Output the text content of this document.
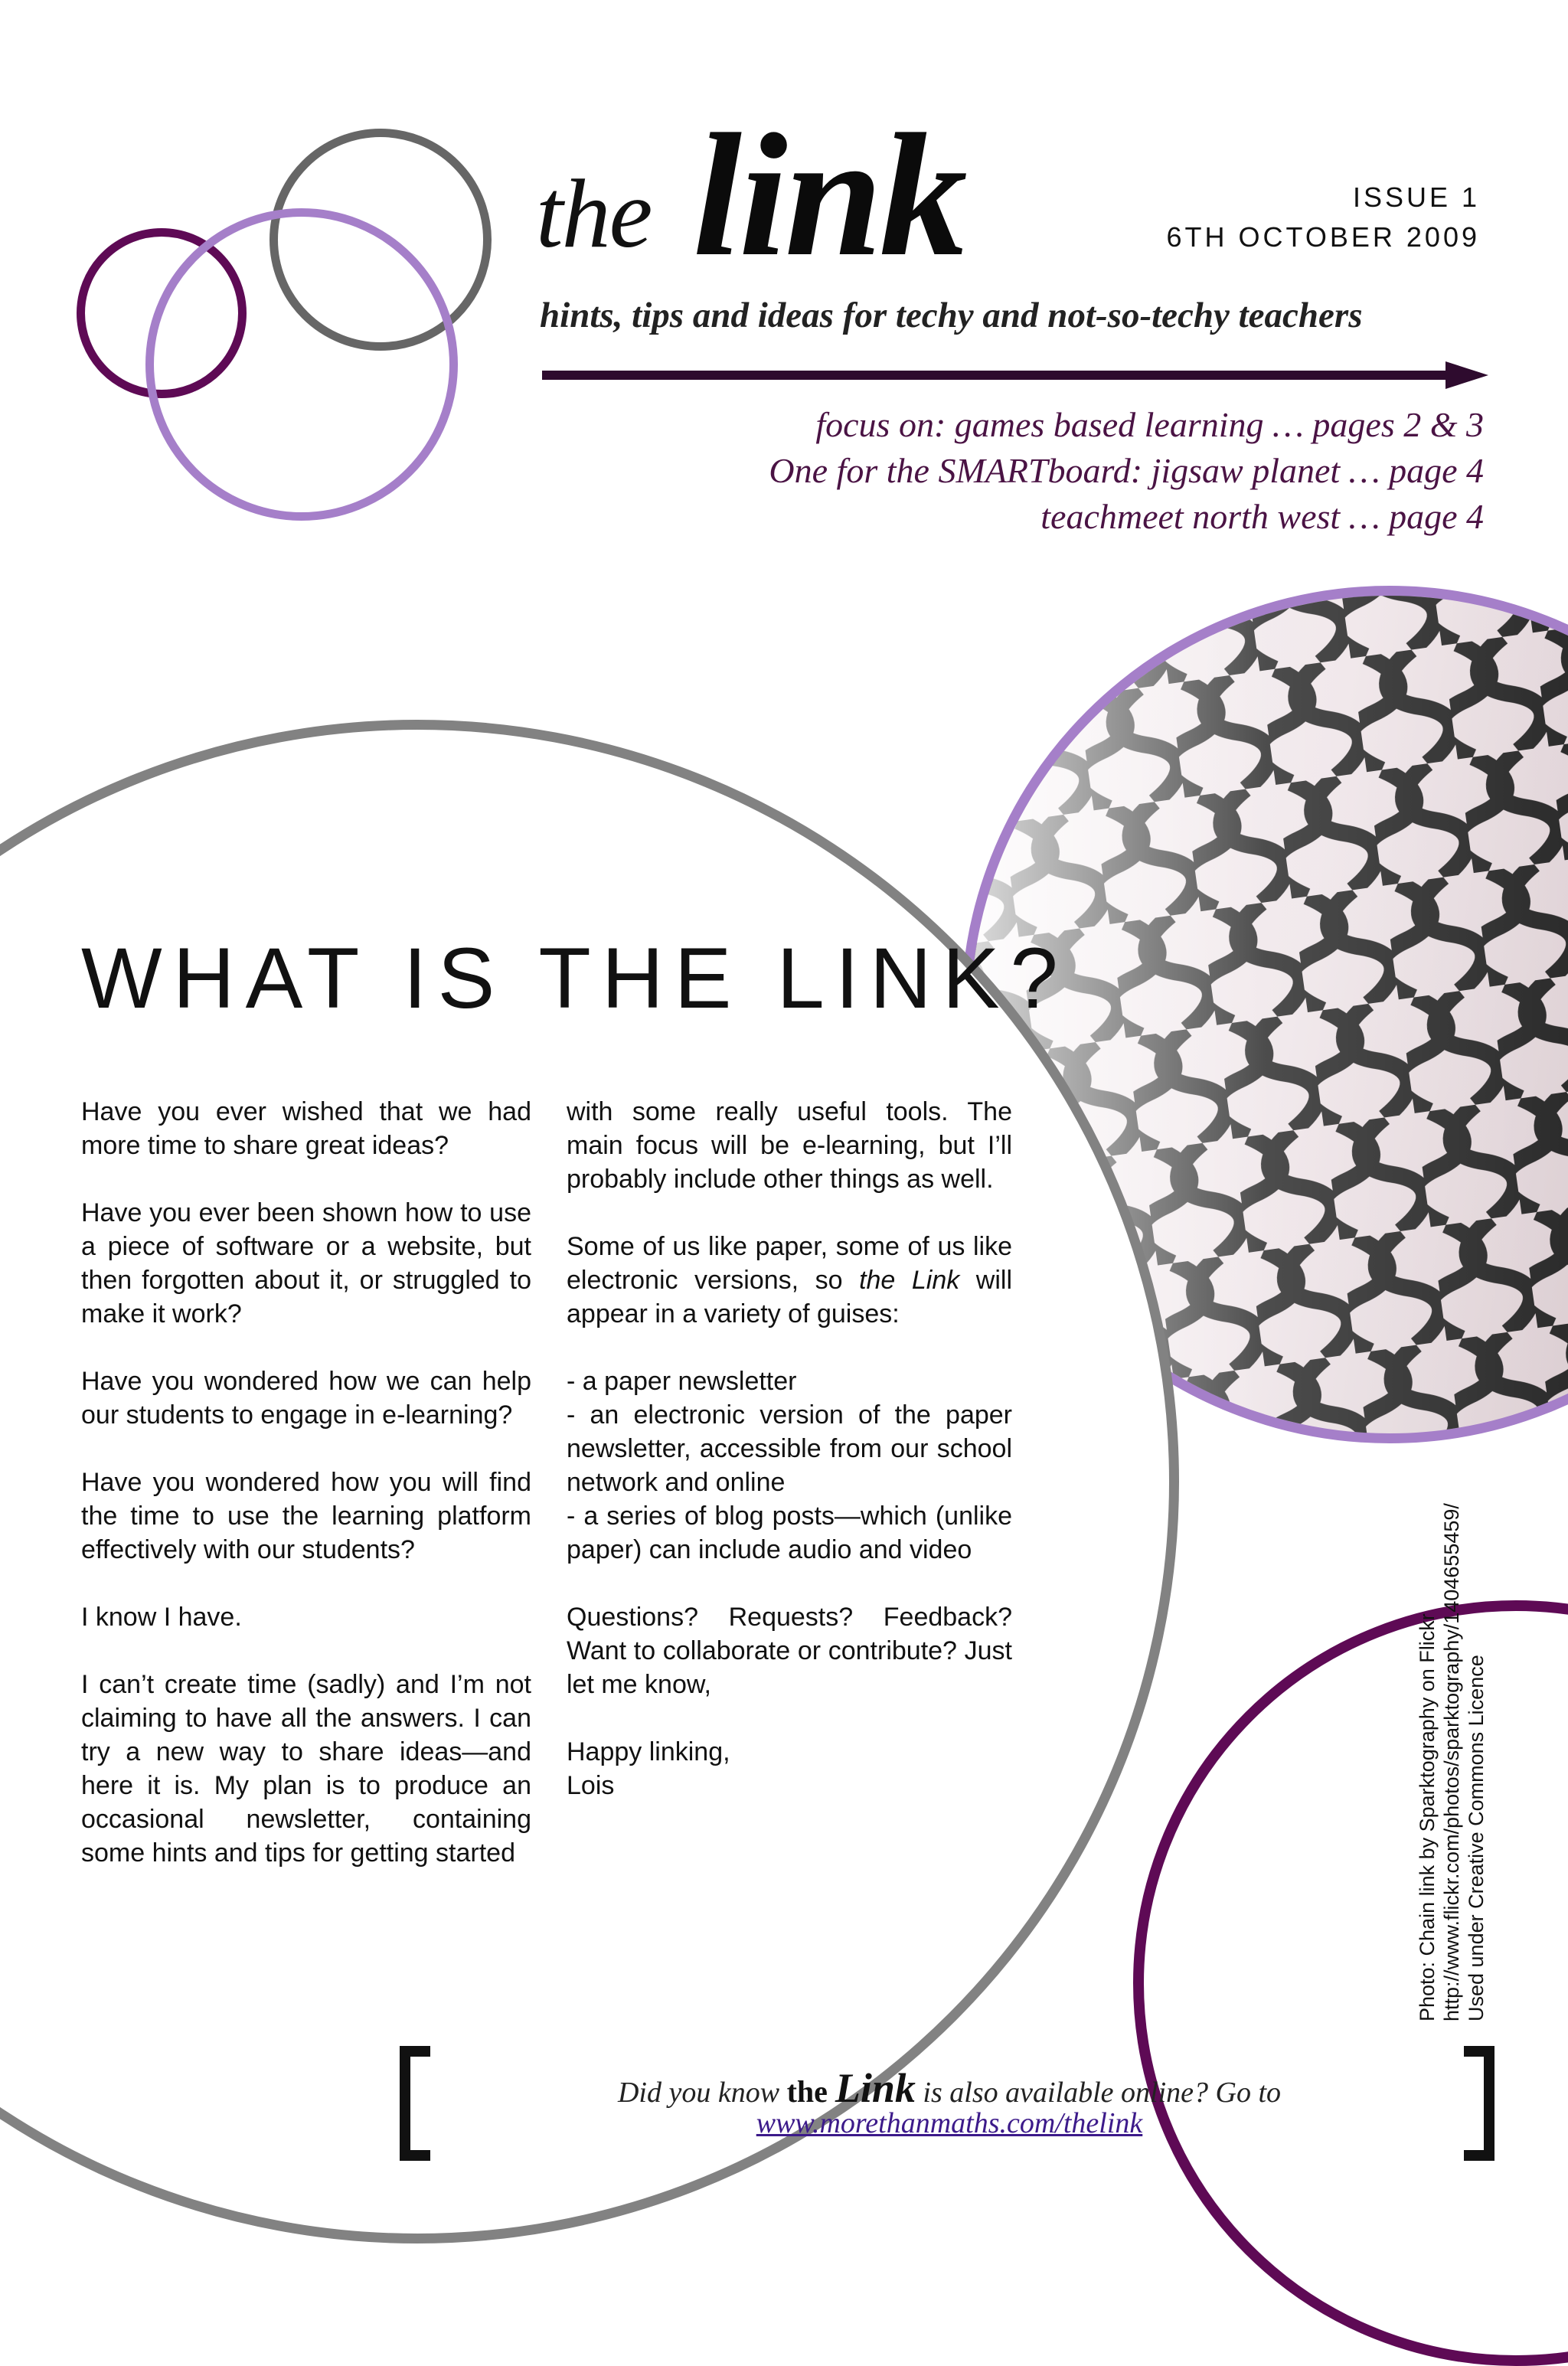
the link	ISSUE 1
6TH OCTOBER 2009
hints, tips and ideas for techy and not-so-techy teachers
focus on: games based learning … pages 2 & 3
One for the SMARTboard: jigsaw planet … page 4
teachmeet north west … page 4
WHAT IS THE LINK?

Have you ever wished that we had more time to share great ideas?

Have you ever been shown how to use a piece of software or a website, but then forgotten about it, or struggled to make it work?

Have you wondered how we can help our students to engage in e-learning?

Have you wondered how you will find the time to use the learning platform effectively with our students?

I know I have.

I can’t create time (sadly) and I’m not claiming to have all the answers. I can try a new way to share ideas—and here it is. My plan is to produce an occasional newsletter, containing some hints and tips for getting started

with some really useful tools. The main focus will be e-learning, but I’ll probably include other things as well.

Some of us like paper, some of us like electronic versions, so the Link will appear in a variety of guises:

- a paper newsletter

- an electronic version of the paper newsletter, accessible from our school network and online

- a series of blog posts—which (unlike paper) can include audio and video

Questions? Requests? Feedback? Want to collaborate or contribute? Just let me know,

Happy linking,

Lois	Photo: Chain link by Sparktography on Flickr http://www.flickr.com/photos/sparktography/1404655459/ Used under Creative Commons Licence
Did you know the Link is also available online? Go to www.morethanmaths.com/thelink
